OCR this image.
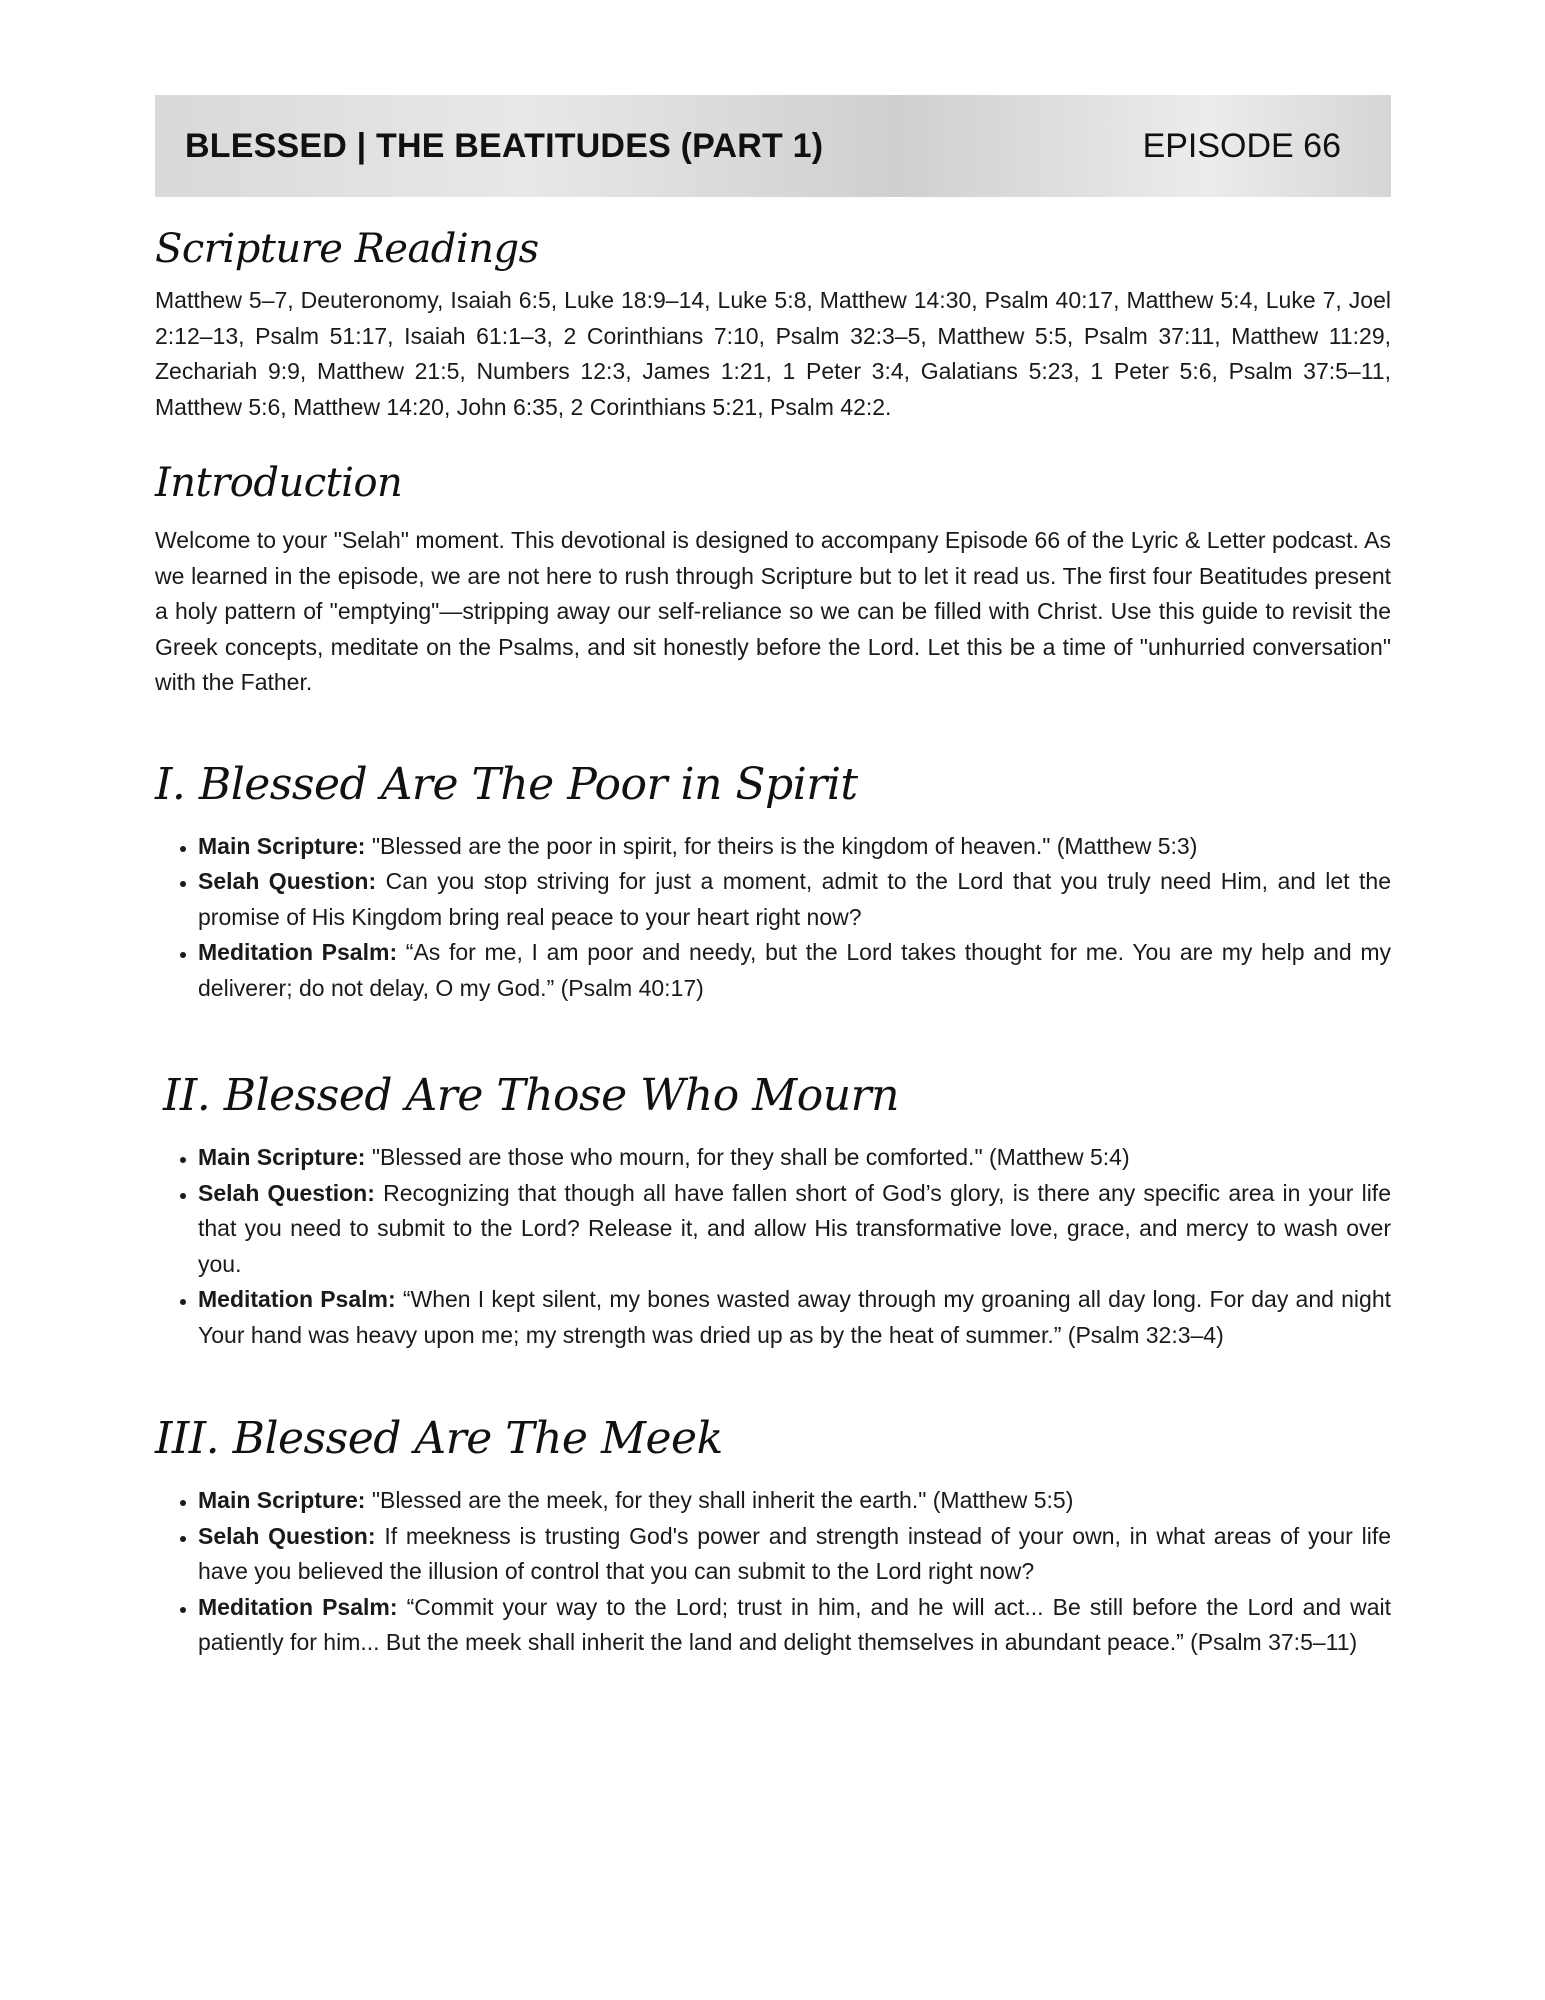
BLESSED | THE BEATITUDES (PART 1)	EPISODE 66
Scripture Readings

Matthew 5–7, Deuteronomy, Isaiah 6:5, Luke 18:9–14, Luke 5:8, Matthew 14:30, Psalm 40:17, Matthew 5:4, Luke 7, Joel 2:12–13, Psalm 51:17, Isaiah 61:1–3, 2 Corinthians 7:10, Psalm 32:3–5, Matthew 5:5, Psalm 37:11, Matthew 11:29, Zechariah 9:9, Matthew 21:5, Numbers 12:3, James 1:21, 1 Peter 3:4, Galatians 5:23, 1 Peter 5:6, Psalm 37:5–11, Matthew 5:6, Matthew 14:20, John 6:35, 2 Corinthians 5:21, Psalm 42:2.

Introduction

Welcome to your "Selah" moment. This devotional is designed to accompany Episode 66 of the Lyric & Letter podcast. As we learned in the episode, we are not here to rush through Scripture but to let it read us. The first four Beatitudes present a holy pattern of "emptying"—stripping away our self-reliance so we can be filled with Christ. Use this guide to revisit the Greek concepts, meditate on the Psalms, and sit honestly before the Lord. Let this be a time of "unhurried conversation" with the Father.

I. Blessed Are The Poor in Spirit
• Main Scripture: "Blessed are the poor in spirit, for theirs is the kingdom of heaven." (Matthew 5:3)
• Selah Question: Can you stop striving for just a moment, admit to the Lord that you truly need Him, and let the promise of His Kingdom bring real peace to your heart right now?
• Meditation Psalm: “As for me, I am poor and needy, but the Lord takes thought for me. You are my help and my deliverer; do not delay, O my God.” (Psalm 40:17)
II. Blessed Are Those Who Mourn
• Main Scripture: "Blessed are those who mourn, for they shall be comforted." (Matthew 5:4)
• Selah Question: Recognizing that though all have fallen short of God’s glory, is there any specific area in your life that you need to submit to the Lord? Release it, and allow His transformative love, grace, and mercy to wash over you.
• Meditation Psalm: “When I kept silent, my bones wasted away through my groaning all day long. For day and night Your hand was heavy upon me; my strength was dried up as by the heat of summer.” (Psalm 32:3–4)
III. Blessed Are The Meek
• Main Scripture: "Blessed are the meek, for they shall inherit the earth." (Matthew 5:5)
• Selah Question: If meekness is trusting God's power and strength instead of your own, in what areas of your life have you believed the illusion of control that you can submit to the Lord right now?
• Meditation Psalm: “Commit your way to the Lord; trust in him, and he will act... Be still before the Lord and wait patiently for him... But the meek shall inherit the land and delight themselves in abundant peace.” (Psalm 37:5–11)
